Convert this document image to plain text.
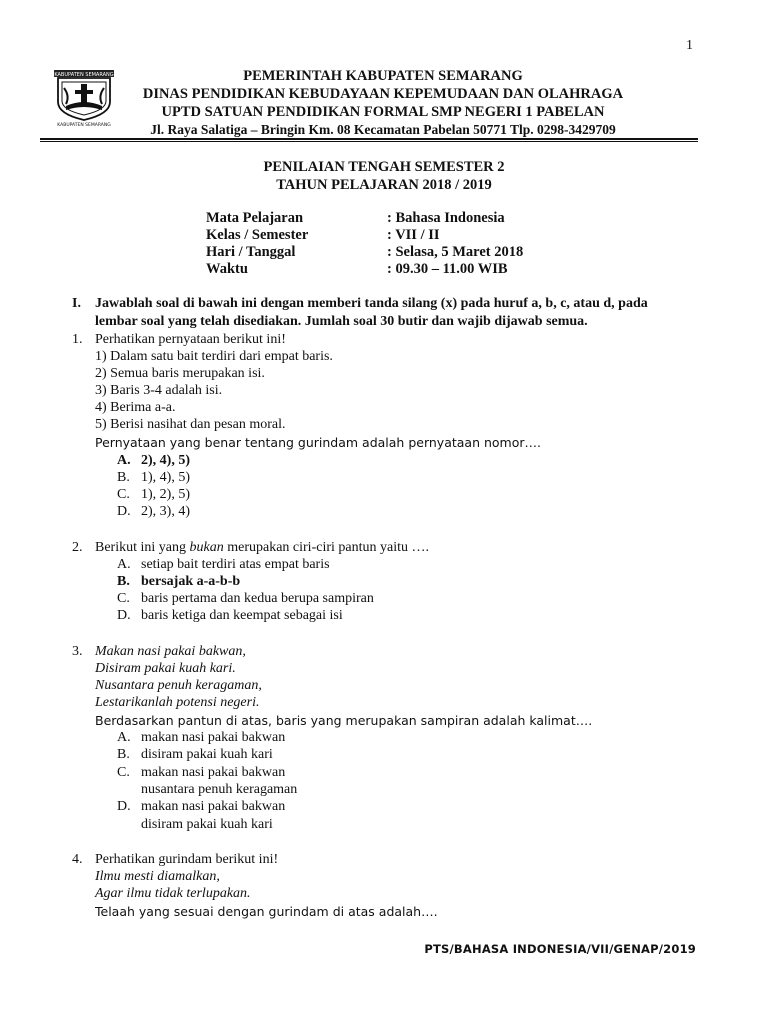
1
KABUPATEN SEMARANG
KABUPATEN SEMARANG
PEMERINTAH KABUPATEN SEMARANG
DINAS PENDIDIKAN KEBUDAYAAN KEPEMUDAAN DAN OLAHRAGA
UPTD SATUAN PENDIDIKAN FORMAL SMP NEGERI 1 PABELAN
Jl. Raya Salatiga – Bringin Km. 08 Kecamatan Pabelan 50771 Tlp. 0298-3429709
PENILAIAN TENGAH SEMESTER 2
TAHUN PELAJARAN 2018 / 2019
Mata Pelajaran	: Bahasa Indonesia
Kelas / Semester	: VII / II
Hari / Tanggal	: Selasa, 5 Maret 2018
Waktu	: 09.30 – 11.00 WIB
I. Jawablah soal di bawah ini dengan memberi tanda silang (x) pada huruf a, b, c, atau d, pada
lembar soal yang telah disediakan. Jumlah soal 30 butir dan wajib dijawab semua.
1. Perhatikan pernyataan berikut ini!
1) Dalam satu bait terdiri dari empat baris.
2) Semua baris merupakan isi.
3) Baris 3-4 adalah isi.
4) Berima a-a.
5) Berisi nasihat dan pesan moral.
Pernyataan yang benar tentang gurindam adalah pernyataan nomor….
A. 2), 4), 5)
B. 1), 4), 5)
C. 1), 2), 5)
D. 2), 3), 4)
2. Berikut ini yang bukan merupakan ciri-ciri pantun yaitu ….
A. setiap bait terdiri atas empat baris
B. bersajak a-a-b-b
C. baris pertama dan kedua berupa sampiran
D. baris ketiga dan keempat sebagai isi
3. Makan nasi pakai bakwan,
Disiram pakai kuah kari.
Nusantara penuh keragaman,
Lestarikanlah potensi negeri.
Berdasarkan pantun di atas, baris yang merupakan sampiran adalah kalimat….
A. makan nasi pakai bakwan
B. disiram pakai kuah kari
C. makan nasi pakai bakwan
nusantara penuh keragaman
D. makan nasi pakai bakwan
disiram pakai kuah kari
4. Perhatikan gurindam berikut ini!
Ilmu mesti diamalkan,
Agar ilmu tidak terlupakan.
Telaah yang sesuai dengan gurindam di atas adalah….
PTS/BAHASA INDONESIA/VII/GENAP/2019
